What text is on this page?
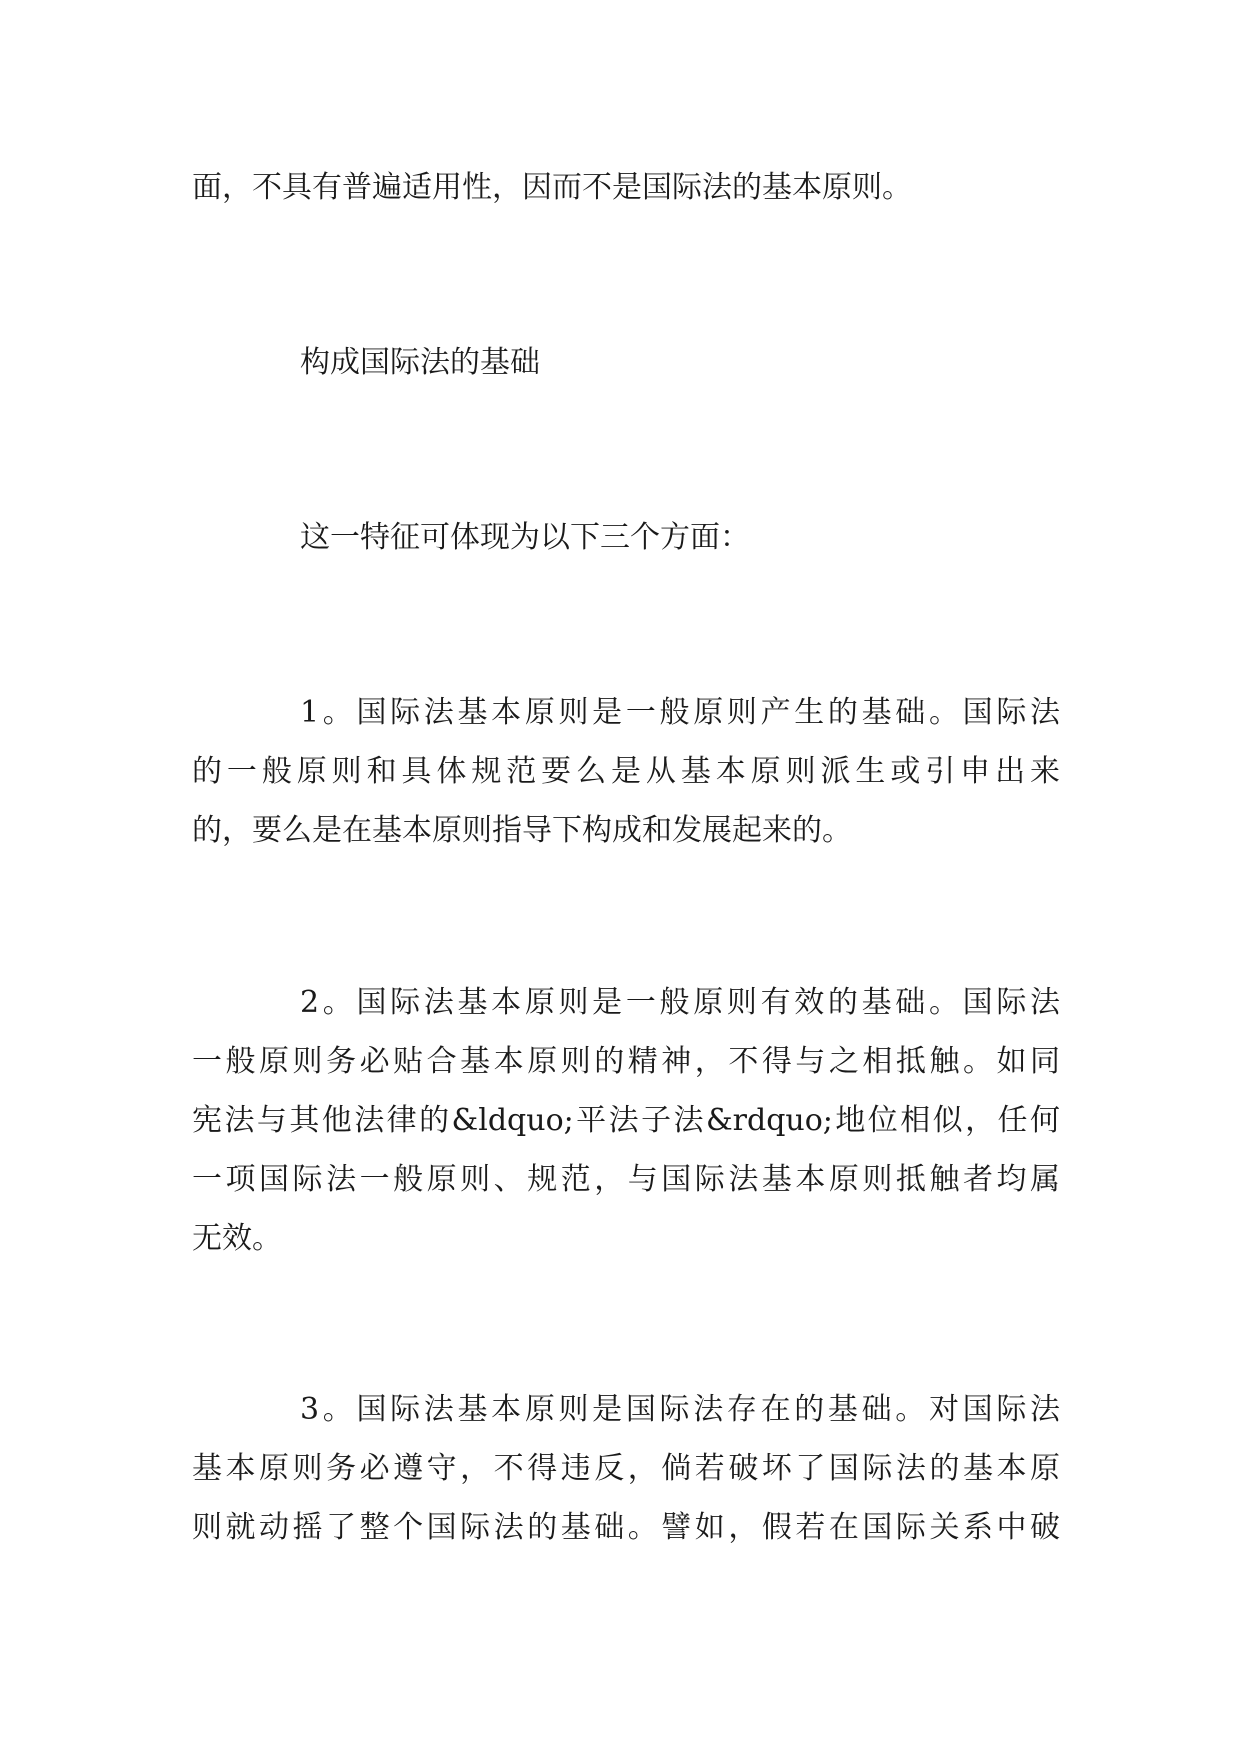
面，不具有普遍适用性，因而不是国际法的基本原则。
构成国际法的基础
这一特征可体现为以下三个方面：
1。国际法基本原则是一般原则产生的基础。国际法
的一般原则和具体规范要么是从基本原则派生或引申出来
的，要么是在基本原则指导下构成和发展起来的。
2。国际法基本原则是一般原则有效的基础。国际法
一般原则务必贴合基本原则的精神，不得与之相抵触。如同
宪法与其他法律的&ldquo;平法子法&rdquo;地位相似，任何
一项国际法一般原则、规范，与国际法基本原则抵触者均属
无效。
3。国际法基本原则是国际法存在的基础。对国际法
基本原则务必遵守，不得违反，倘若破坏了国际法的基本原
则就动摇了整个国际法的基础。譬如，假若在国际关系中破
